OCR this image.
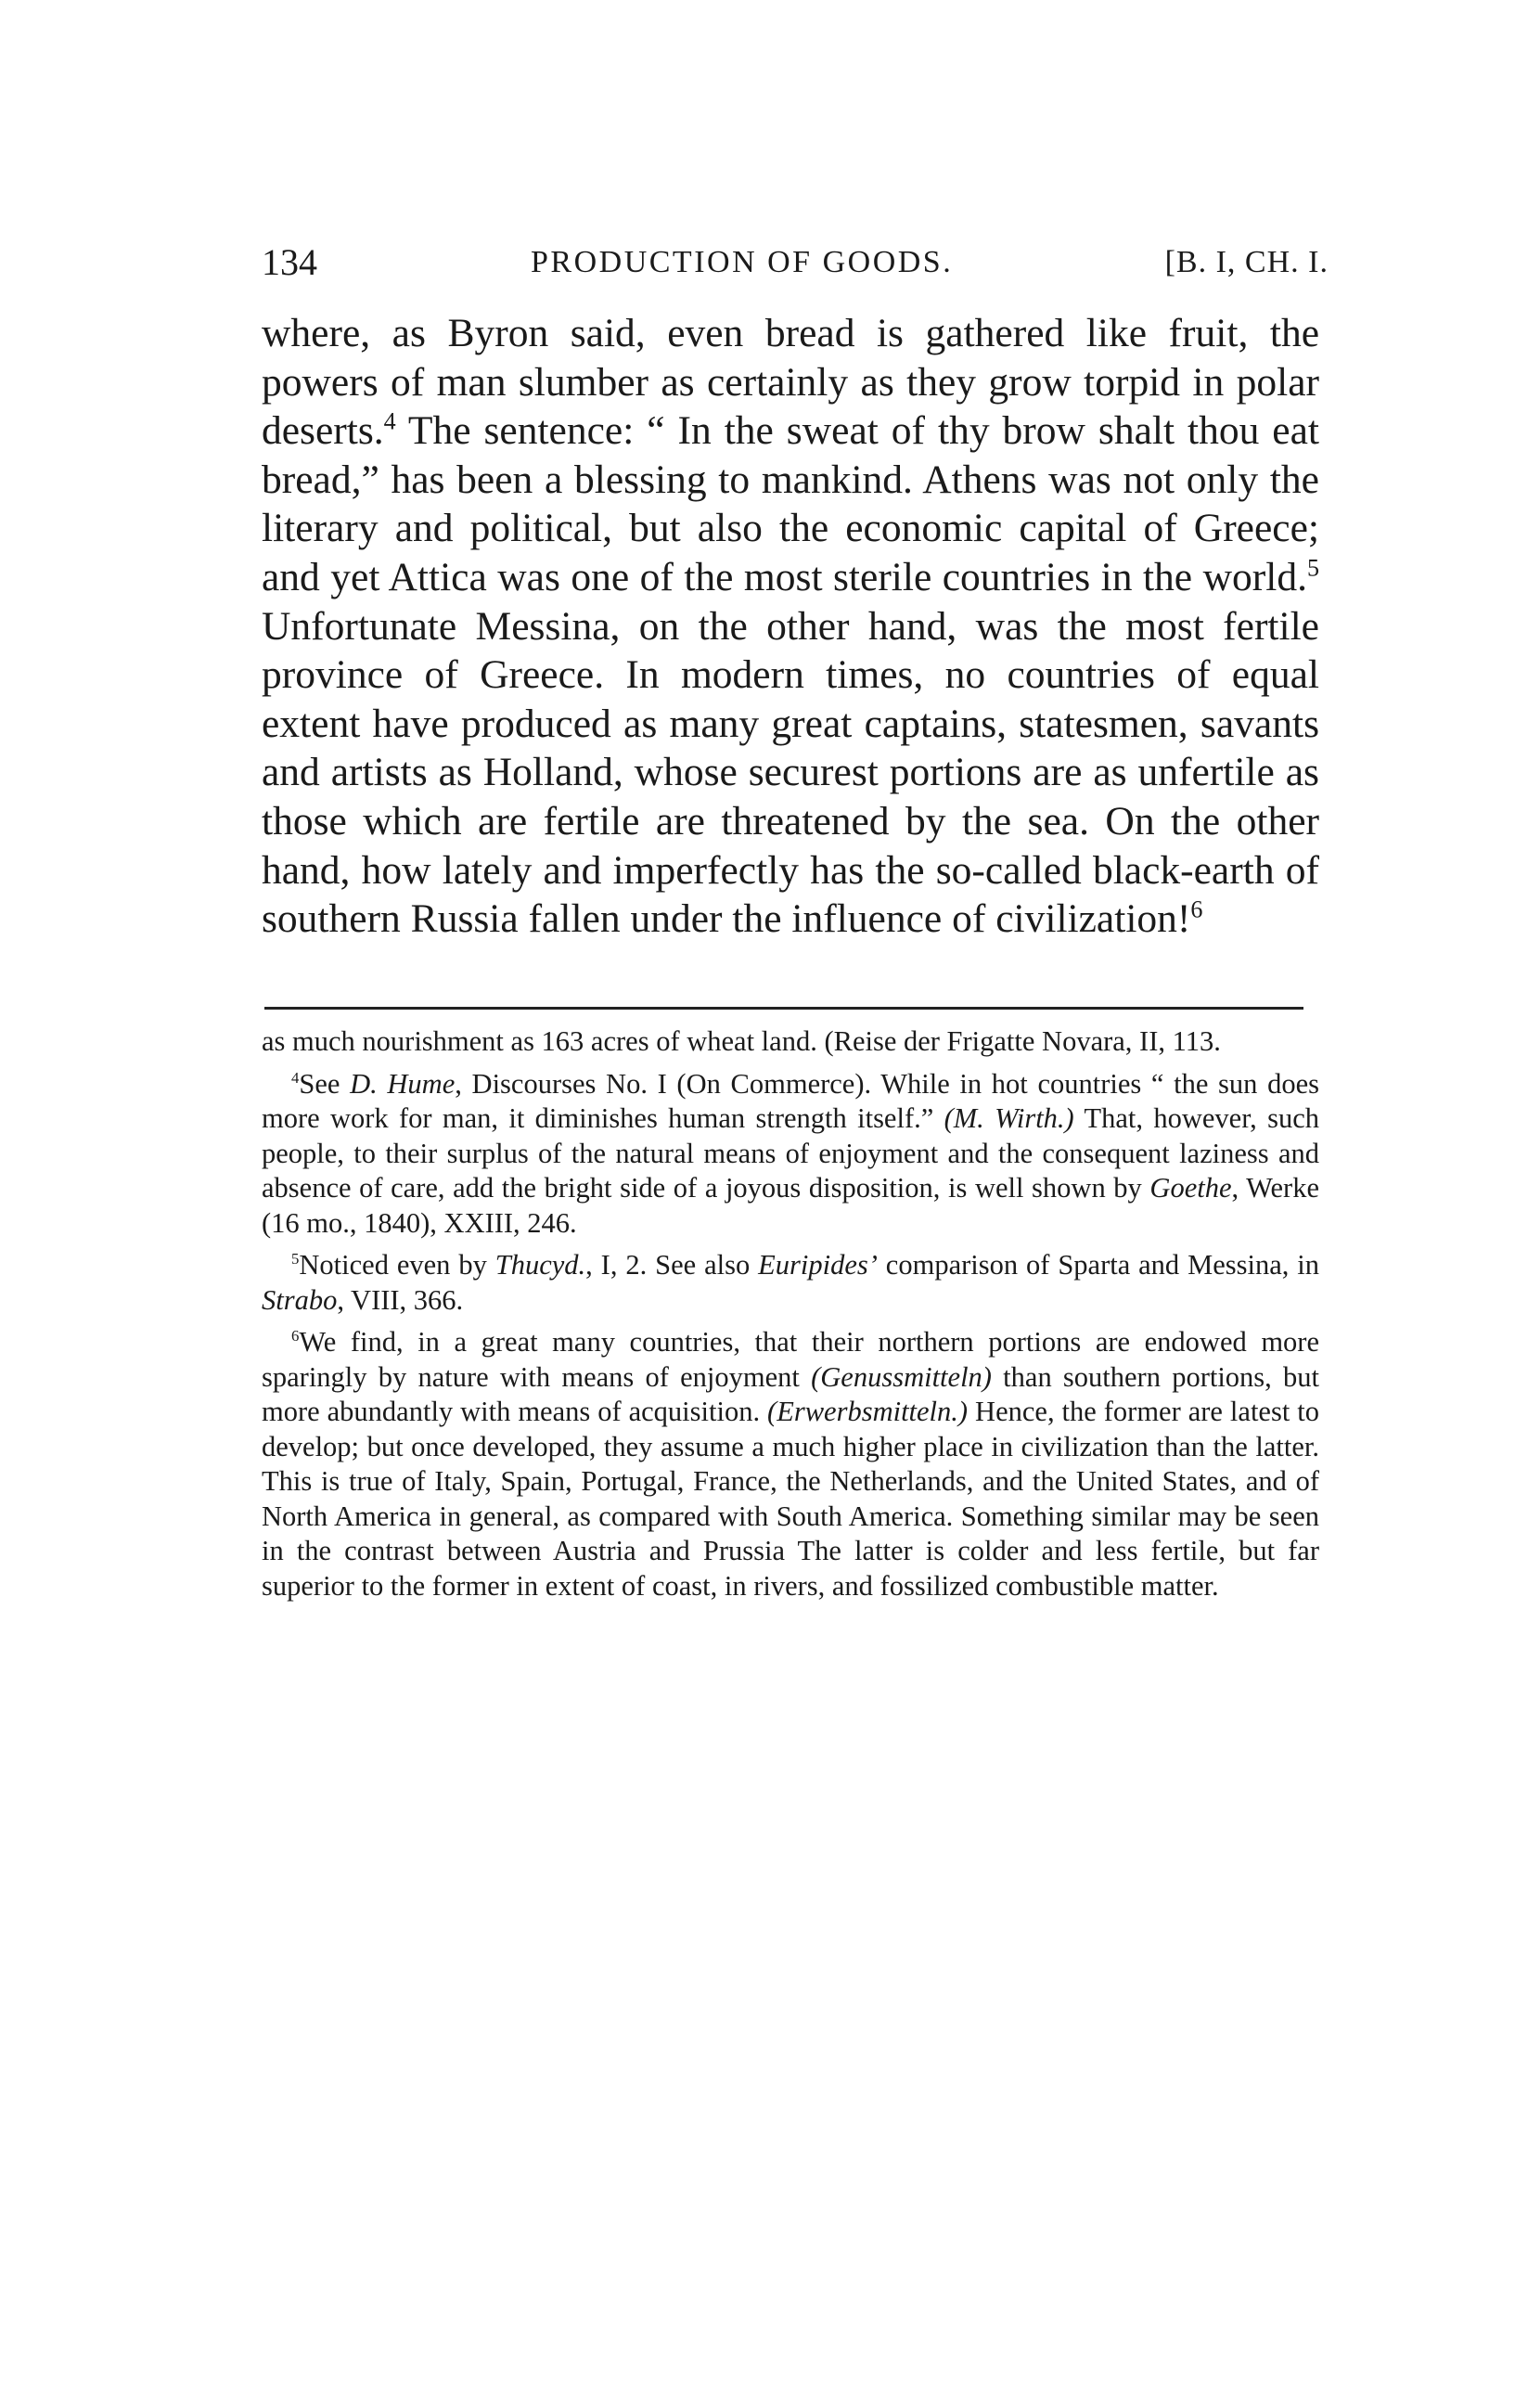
134	PRODUCTION OF GOODS.	[B. I, CH. I.

where, as Byron said, even bread is gathered like fruit, the powers of man slumber as certainly as they grow torpid in polar deserts.$^4$ The sentence: “ In the sweat of thy brow shalt thou eat bread,” has been a blessing to mankind. Athens was not only the literary and political, but also the economic capital of Greece; and yet Attica was one of the most sterile countries in the world.$^5$ Unfortunate Messina, on the other hand, was the most fertile province of Greece. In modern times, no countries of equal extent have produced as many great captains, statesmen, savants and artists as Holland, whose securest portions are as unfertile as those which are fertile are threatened by the sea. On the other hand, how lately and imperfectly has the so-called black-earth of southern Russia fallen under the influence of civilization!$^6$

as much nourishment as 163 acres of wheat land. (Reise der Frigatte Novara, II, 113.

$^4$See D. Hume, Discourses No. I (On Commerce). While in hot countries “ the sun does more work for man, it diminishes human strength itself.” (M. Wirth.) That, however, such people, to their surplus of the natural means of enjoyment and the consequent laziness and absence of care, add the bright side of a joyous disposition, is well shown by Goethe, Werke (16 mo., 1840), XXIII, 246.

$^5$Noticed even by Thucyd., I, 2. See also Euripides’ comparison of Sparta and Messina, in Strabo, VIII, 366.

$^6$We find, in a great many countries, that their northern portions are endowed more sparingly by nature with means of enjoyment (Genussmitteln) than southern portions, but more abundantly with means of acquisition. (Erwerbsmitteln.) Hence, the former are latest to develop; but once developed, they assume a much higher place in civilization than the latter. This is true of Italy, Spain, Portugal, France, the Netherlands, and the United States, and of North America in general, as compared with South America. Something similar may be seen in the contrast between Austria and Prussia The latter is colder and less fertile, but far superior to the former in extent of coast, in rivers, and fossilized combustible matter.
